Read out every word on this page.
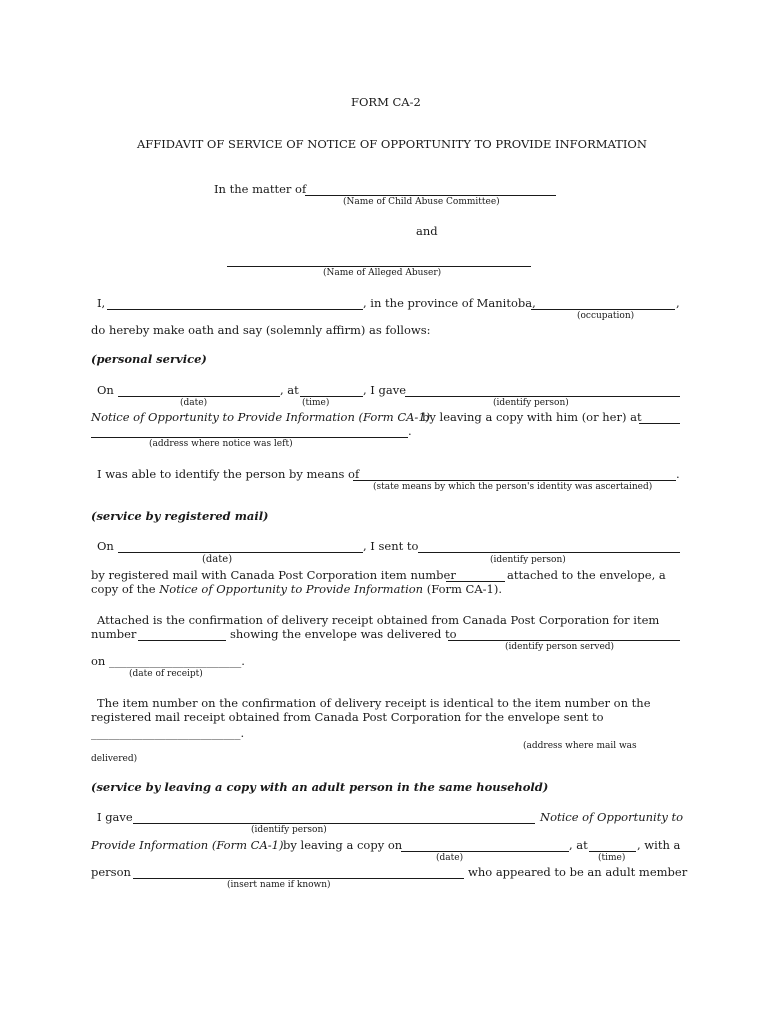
FORM CA-2
AFFIDAVIT OF SERVICE OF NOTICE OF OPPORTUNITY TO PROVIDE INFORMATION
In the matter of
(Name of Child Abuse Committee)
and
(Name of Alleged Abuser)
I,	, in the province of Manitoba,	,
(occupation)
do hereby make oath and say (solemnly affirm) as follows:
(personal service)
On	, at	, I gave
(date)	(time)	(identify person)
Notice of Opportunity to Provide Information (Form CA-1)
by leaving a copy with him (or her) at
.
(address where notice was left)
I was able to identify the person by means of	.
(state means by which the person's identity was ascertained)
(service by registered mail)
On	, I sent to
(date)	(identify person)
by registered mail with Canada Post Corporation item number	attached to the envelope, a
copy of the Notice of Opportunity to Provide Information (Form CA-1).
Attached is the confirmation of delivery receipt obtained from Canada Post Corporation for item
number	showing the envelope was delivered to
(identify person served)
on _______________________.
(date of receipt)
The item number on the confirmation of delivery receipt is identical to the item number on the
registered mail receipt obtained from Canada Post Corporation for the envelope sent to
__________________________.
(address where mail was
delivered)
(service by leaving a copy with an adult person in the same household)
I gave	Notice of Opportunity to
(identify person)
Provide Information (Form CA-1) by leaving a copy on	, at	, with a
(date)	(time)
person	who appeared to be an adult member
(insert name if known)
